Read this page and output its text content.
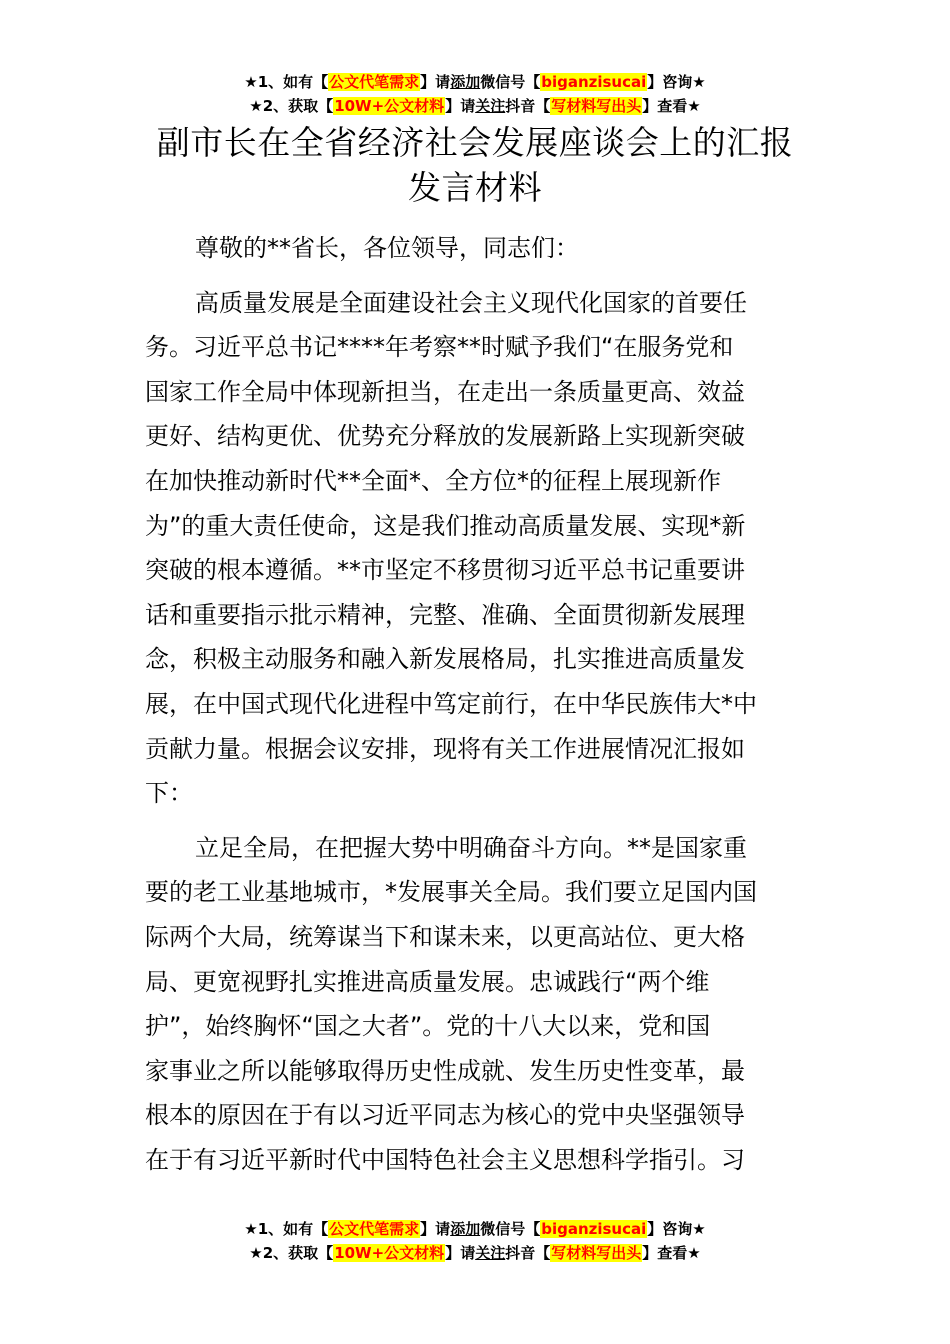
★1、如有【公文代笔需求】请添加微信号【biganzisucai】咨询★
★2、获取【10W+公文材料】请关注抖音【写材料写出头】查看★
副市长在全省经济社会发展座谈会上的汇报
发言材料
尊敬的**省长，各位领导，同志们：
高质量发展是全面建设社会主义现代化国家的首要任
务。习近平总书记****年考察**时赋予我们“在服务党和
国家工作全局中体现新担当，在走出一条质量更高、效益
更好、结构更优、优势充分释放的发展新路上实现新突破
在加快推动新时代**全面*、全方位*的征程上展现新作
为”的重大责任使命，这是我们推动高质量发展、实现*新
突破的根本遵循。**市坚定不移贯彻习近平总书记重要讲
话和重要指示批示精神，完整、准确、全面贯彻新发展理
念，积极主动服务和融入新发展格局，扎实推进高质量发
展，在中国式现代化进程中笃定前行，在中华民族伟大*中
贡献力量。根据会议安排，现将有关工作进展情况汇报如
下：
立足全局，在把握大势中明确奋斗方向。**是国家重
要的老工业基地城市，*发展事关全局。我们要立足国内国
际两个大局，统筹谋当下和谋未来，以更高站位、更大格
局、更宽视野扎实推进高质量发展。忠诚践行“两个维
护”，始终胸怀“国之大者”。党的十八大以来，党和国
家事业之所以能够取得历史性成就、发生历史性变革，最
根本的原因在于有以习近平同志为核心的党中央坚强领导
在于有习近平新时代中国特色社会主义思想科学指引。习
★1、如有【公文代笔需求】请添加微信号【biganzisucai】咨询★
★2、获取【10W+公文材料】请关注抖音【写材料写出头】查看★
